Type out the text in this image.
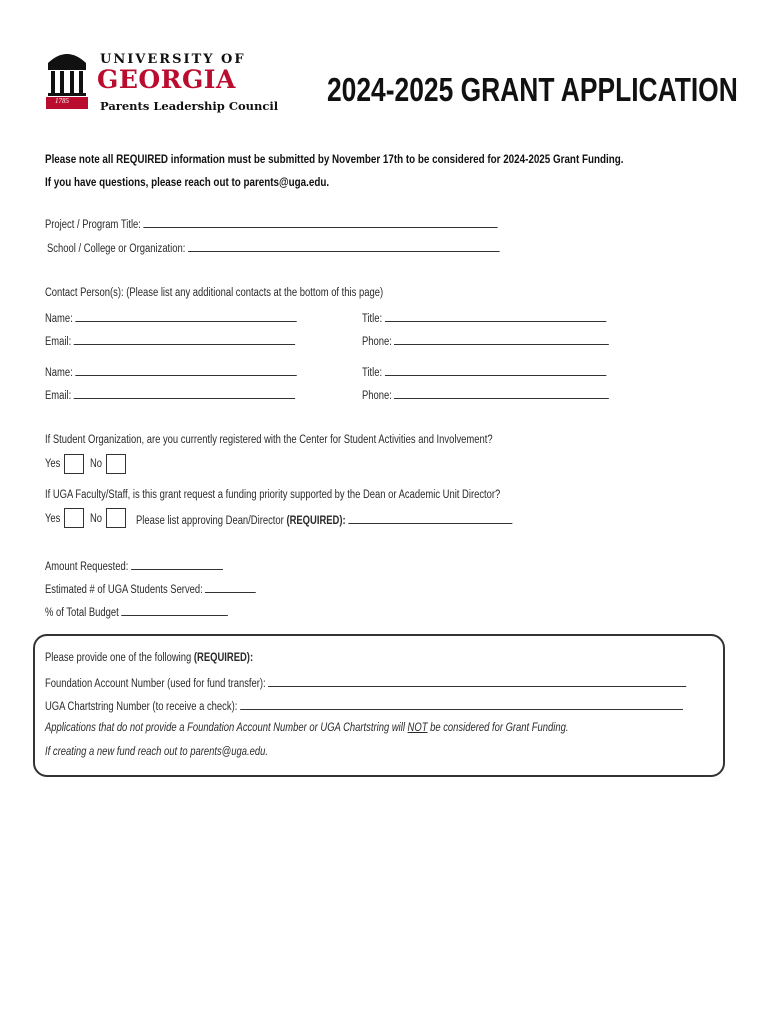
1785
UNIVERSITY OF
GEORGIA
Parents Leadership Council 2024-2025 GRANT APPLICATION
Please note all REQUIRED information must be submitted by November 17th to be considered for 2024-2025 Grant Funding.
If you have questions, please reach out to parents@uga.edu.
Project / Program Title:
School / College or Organization:
Contact Person(s): (Please list any additional contacts at the bottom of this page)
Name:	Title:
Email:	Phone:
Name:	Title:
Email:	Phone:
If Student Organization, are you currently registered with the Center for Student Activities and Involvement?
Yes	No
If UGA Faculty/Staff, is this grant request a funding priority supported by the Dean or Academic Unit Director?
Yes	No	Please list approving Dean/Director (REQUIRED):
Amount Requested:
Estimated # of UGA Students Served:
% of Total Budget
Please provide one of the following (REQUIRED):
Foundation Account Number (used for fund transfer):
UGA Chartstring Number (to receive a check):
Applications that do not provide a Foundation Account Number or UGA Chartstring will NOT be considered for Grant Funding.
If creating a new fund reach out to parents@uga.edu.
